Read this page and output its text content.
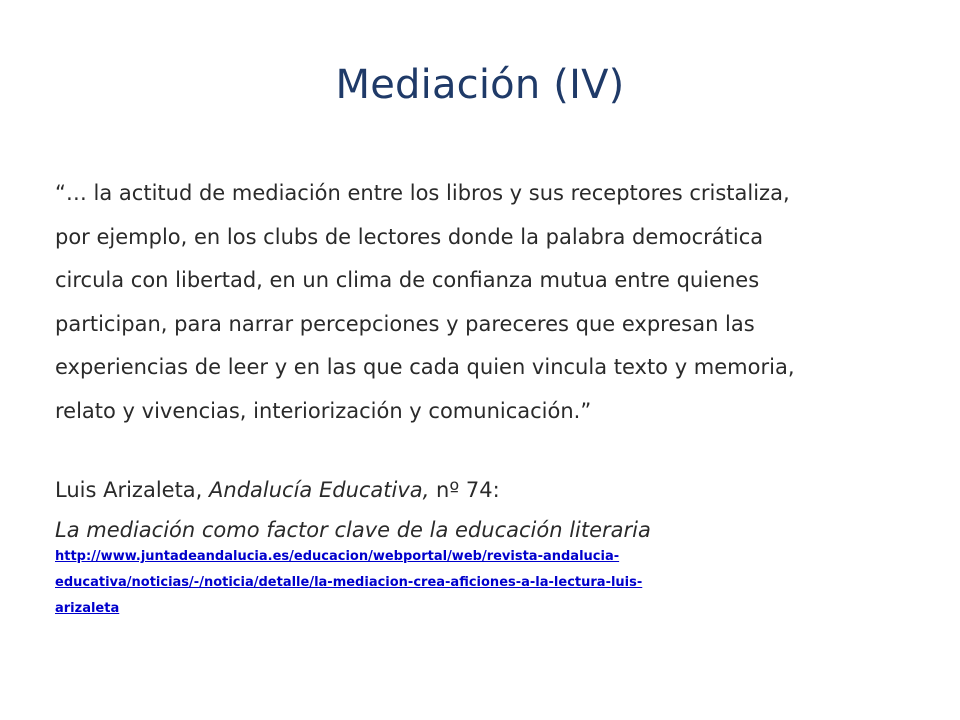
Mediación (IV)
“… la actitud de mediación entre los libros y sus receptores cristaliza,
por ejemplo, en los clubs de lectores donde la palabra democrática
circula con libertad, en un clima de confianza mutua entre quienes
participan, para narrar percepciones y pareceres que expresan las
experiencias de leer y en las que cada quien vincula texto y memoria,
relato y vivencias, interiorización y comunicación.”
Luis Arizaleta, Andalucía Educativa, nº 74:
La mediación como factor clave de la educación literaria
http://www.juntadeandalucia.es/educacion/webportal/web/revista-andalucia-
educativa/noticias/-/noticia/detalle/la-mediacion-crea-aficiones-a-la-lectura-luis-
arizaleta
